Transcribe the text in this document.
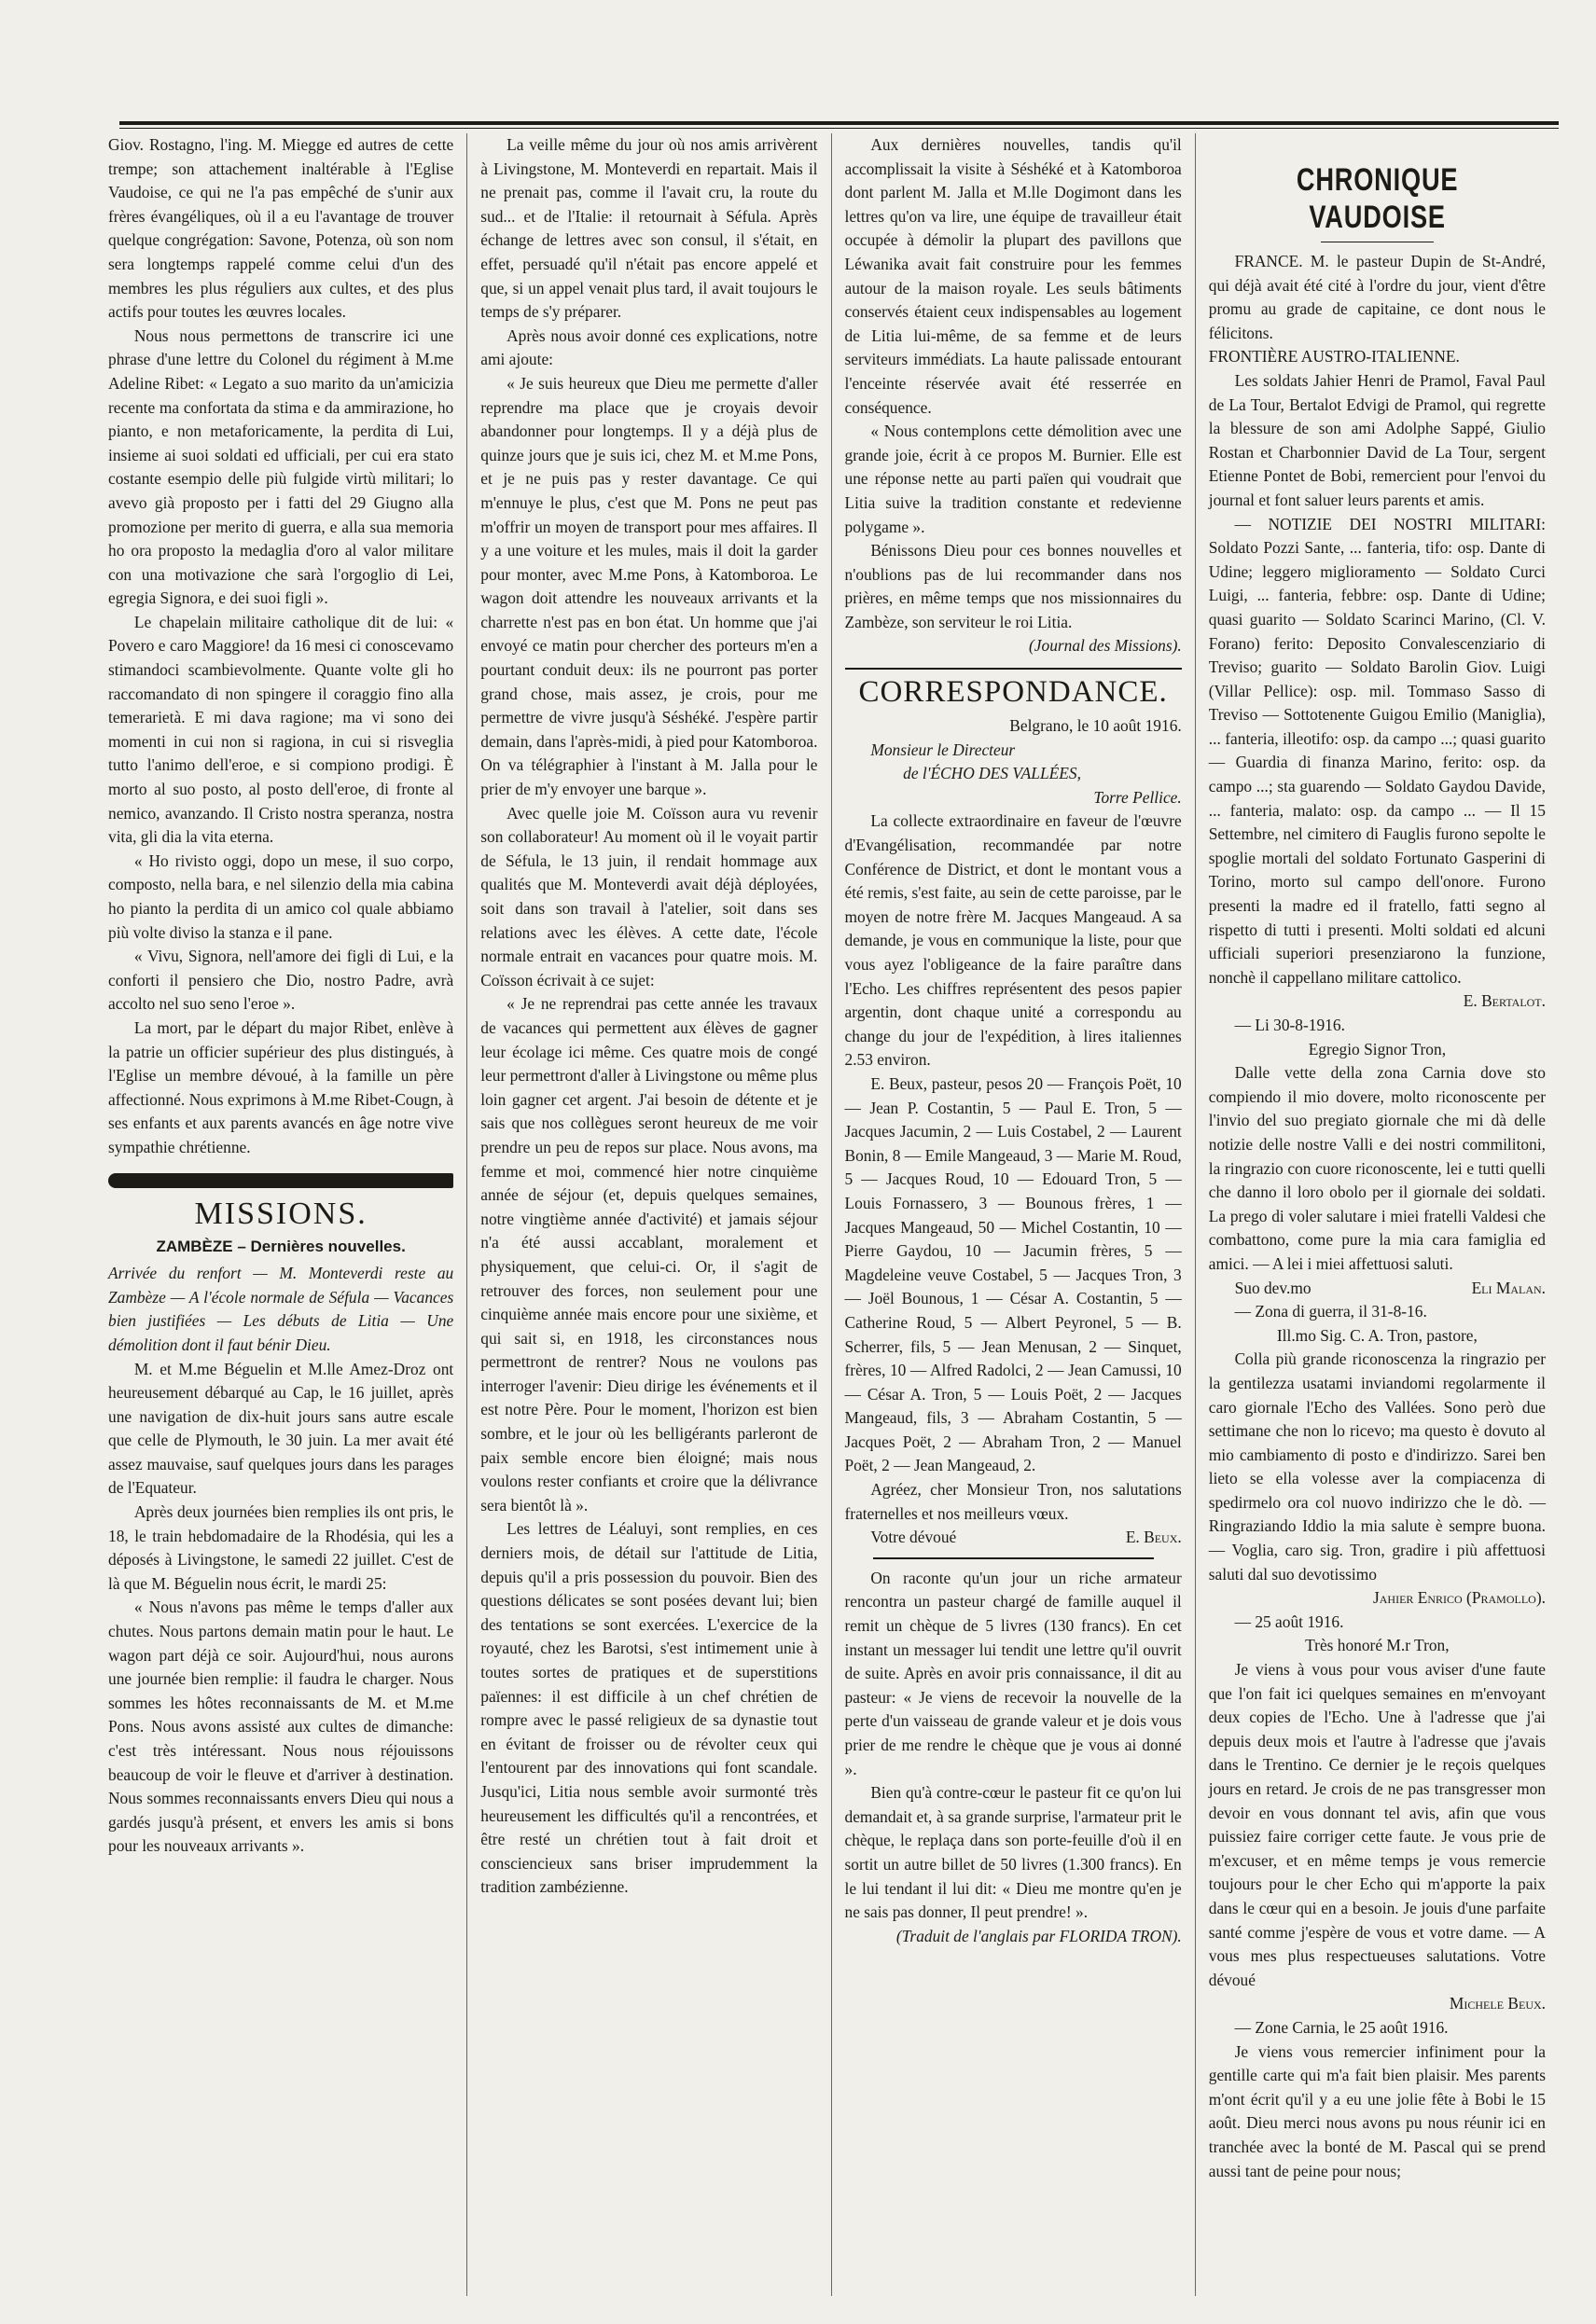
Giov. Rostagno, l'ing. M. Miegge ed autres de cette trempe; son attachement inaltérable à l'Eglise Vaudoise, ce qui ne l'a pas empêché de s'unir aux frères évangéliques, où il a eu l'avantage de trouver quelque congrégation: Savone, Potenza, où son nom sera longtemps rappelé comme celui d'un des membres les plus réguliers aux cultes, et des plus actifs pour toutes les œuvres locales.

Nous nous permettons de transcrire ici une phrase d'une lettre du Colonel du régiment à M.me Adeline Ribet: « Legato a suo marito da un'amicizia recente ma confortata da stima e da ammirazione, ho pianto, e non metaforicamente, la perdita di Lui, insieme ai suoi soldati ed ufficiali, per cui era stato costante esempio delle più fulgide virtù militari; lo avevo già proposto per i fatti del 29 Giugno alla promozione per merito di guerra, e alla sua memoria ho ora proposto la medaglia d'oro al valor militare con una motivazione che sarà l'orgoglio di Lei, egregia Signora, e dei suoi figli ».

Le chapelain militaire catholique dit de lui: « Povero e caro Maggiore! da 16 mesi ci conoscevamo stimandoci scambievolmente. Quante volte gli ho raccomandato di non spingere il coraggio fino alla temerarietà. E mi dava ragione; ma vi sono dei momenti in cui non si ragiona, in cui si risveglia tutto l'animo dell'eroe, e si compiono prodigi. È morto al suo posto, al posto dell'eroe, di fronte al nemico, avanzando. Il Cristo nostra speranza, nostra vita, gli dia la vita eterna.

« Ho rivisto oggi, dopo un mese, il suo corpo, composto, nella bara, e nel silenzio della mia cabina ho pianto la perdita di un amico col quale abbiamo più volte diviso la stanza e il pane.

« Vivu, Signora, nell'amore dei figli di Lui, e la conforti il pensiero che Dio, nostro Padre, avrà accolto nel suo seno l'eroe ».

La mort, par le départ du major Ribet, enlève à la patrie un officier supérieur des plus distingués, à l'Eglise un membre dévoué, à la famille un père affectionné. Nous exprimons à M.me Ribet-Cougn, à ses enfants et aux parents avancés en âge notre vive sympathie chrétienne.

MISSIONS.
ZAMBÈZE – Dernières nouvelles.

Arrivée du renfort — M. Monteverdi reste au Zambèze — A l'école normale de Séfula — Vacances bien justifiées — Les débuts de Litia — Une démolition dont il faut bénir Dieu.

M. et M.me Béguelin et M.lle Amez-Droz ont heureusement débarqué au Cap, le 16 juillet, après une navigation de dix-huit jours sans autre escale que celle de Plymouth, le 30 juin. La mer avait été assez mauvaise, sauf quelques jours dans les parages de l'Equateur.

Après deux journées bien remplies ils ont pris, le 18, le train hebdomadaire de la Rhodésia, qui les a déposés à Livingstone, le samedi 22 juillet. C'est de là que M. Béguelin nous écrit, le mardi 25:

« Nous n'avons pas même le temps d'aller aux chutes. Nous partons demain matin pour le haut. Le wagon part déjà ce soir. Aujourd'hui, nous aurons une journée bien remplie: il faudra le charger. Nous sommes les hôtes reconnaissants de M. et M.me Pons. Nous avons assisté aux cultes de dimanche: c'est très intéressant. Nous nous réjouissons beaucoup de voir le fleuve et d'arriver à destination. Nous sommes reconnaissants envers Dieu qui nous a gardés jusqu'à présent, et envers les amis si bons pour les nouveaux arrivants ».

La veille même du jour où nos amis arrivèrent à Livingstone, M. Monteverdi en repartait. Mais il ne prenait pas, comme il l'avait cru, la route du sud... et de l'Italie: il retournait à Séfula. Après échange de lettres avec son consul, il s'était, en effet, persuadé qu'il n'était pas encore appelé et que, si un appel venait plus tard, il avait toujours le temps de s'y préparer.

Après nous avoir donné ces explications, notre ami ajoute:

« Je suis heureux que Dieu me permette d'aller reprendre ma place que je croyais devoir abandonner pour longtemps. Il y a déjà plus de quinze jours que je suis ici, chez M. et M.me Pons, et je ne puis pas y rester davantage. Ce qui m'ennuye le plus, c'est que M. Pons ne peut pas m'offrir un moyen de transport pour mes affaires. Il y a une voiture et les mules, mais il doit la garder pour monter, avec M.me Pons, à Katomboroa. Le wagon doit attendre les nouveaux arrivants et la charrette n'est pas en bon état. Un homme que j'ai envoyé ce matin pour chercher des porteurs m'en a pourtant conduit deux: ils ne pourront pas porter grand chose, mais assez, je crois, pour me permettre de vivre jusqu'à Séshéké. J'espère partir demain, dans l'après-midi, à pied pour Katomboroa. On va télégraphier à l'instant à M. Jalla pour le prier de m'y envoyer une barque ».

Avec quelle joie M. Coïsson aura vu revenir son collaborateur! Au moment où il le voyait partir de Séfula, le 13 juin, il rendait hommage aux qualités que M. Monteverdi avait déjà déployées, soit dans son travail à l'atelier, soit dans ses relations avec les élèves. A cette date, l'école normale entrait en vacances pour quatre mois. M. Coïsson écrivait à ce sujet:

« Je ne reprendrai pas cette année les travaux de vacances qui permettent aux élèves de gagner leur écolage ici même. Ces quatre mois de congé leur permettront d'aller à Livingstone ou même plus loin gagner cet argent. J'ai besoin de détente et je sais que nos collègues seront heureux de me voir prendre un peu de repos sur place. Nous avons, ma femme et moi, commencé hier notre cinquième année de séjour (et, depuis quelques semaines, notre vingtième année d'activité) et jamais séjour n'a été aussi accablant, moralement et physiquement, que celui-ci. Or, il s'agit de retrouver des forces, non seulement pour une cinquième année mais encore pour une sixième, et qui sait si, en 1918, les circonstances nous permettront de rentrer? Nous ne voulons pas interroger l'avenir: Dieu dirige les événements et il est notre Père. Pour le moment, l'horizon est bien sombre, et le jour où les belligérants parleront de paix semble encore bien éloigné; mais nous voulons rester confiants et croire que la délivrance sera bientôt là ».

Les lettres de Léaluyi, sont remplies, en ces derniers mois, de détail sur l'attitude de Litia, depuis qu'il a pris possession du pouvoir. Bien des questions délicates se sont posées devant lui; bien des tentations se sont exercées. L'exercice de la royauté, chez les Barotsi, s'est intimement unie à toutes sortes de pratiques et de superstitions païennes: il est difficile à un chef chrétien de rompre avec le passé religieux de sa dynastie tout en évitant de froisser ou de révolter ceux qui l'entourent par des innovations qui font scandale. Jusqu'ici, Litia nous semble avoir surmonté très heureusement les difficultés qu'il a rencontrées, et être resté un chrétien tout à fait droit et consciencieux sans briser imprudemment la tradition zambézienne.

Aux dernières nouvelles, tandis qu'il accomplissait la visite à Séshéké et à Katomboroa dont parlent M. Jalla et M.lle Dogimont dans les lettres qu'on va lire, une équipe de travailleur était occupée à démolir la plupart des pavillons que Léwanika avait fait construire pour les femmes autour de la maison royale. Les seuls bâtiments conservés étaient ceux indispensables au logement de Litia lui-même, de sa femme et de leurs serviteurs immédiats. La haute palissade entourant l'enceinte réservée avait été resserrée en conséquence.

« Nous contemplons cette démolition avec une grande joie, écrit à ce propos M. Burnier. Elle est une réponse nette au parti païen qui voudrait que Litia suive la tradition constante et redevienne polygame ».

Bénissons Dieu pour ces bonnes nouvelles et n'oublions pas de lui recommander dans nos prières, en même temps que nos missionnaires du Zambèze, son serviteur le roi Litia.

(Journal des Missions).

CORRESPONDANCE.

Belgrano, le 10 août 1916.

Monsieur le Directeur

de l'ÉCHO DES VALLÉES,

Torre Pellice.

La collecte extraordinaire en faveur de l'œuvre d'Evangélisation, recommandée par notre Conférence de District, et dont le montant vous a été remis, s'est faite, au sein de cette paroisse, par le moyen de notre frère M. Jacques Mangeaud. A sa demande, je vous en communique la liste, pour que vous ayez l'obligeance de la faire paraître dans l'Echo. Les chiffres représentent des pesos papier argentin, dont chaque unité a correspondu au change du jour de l'expédition, à lires italiennes 2.53 environ.

E. Beux, pasteur, pesos 20 — François Poët, 10 — Jean P. Costantin, 5 — Paul E. Tron, 5 — Jacques Jacumin, 2 — Luis Costabel, 2 — Laurent Bonin, 8 — Emile Mangeaud, 3 — Marie M. Roud, 5 — Jacques Roud, 10 — Edouard Tron, 5 — Louis Fornassero, 3 — Bounous frères, 1 — Jacques Mangeaud, 50 — Michel Costantin, 10 — Pierre Gaydou, 10 — Jacumin frères, 5 — Magdeleine veuve Costabel, 5 — Jacques Tron, 3 — Joël Bounous, 1 — César A. Costantin, 5 — Catherine Roud, 5 — Albert Peyronel, 5 — B. Scherrer, fils, 5 — Jean Menusan, 2 — Sinquet, frères, 10 — Alfred Radolci, 2 — Jean Camussi, 10 — César A. Tron, 5 — Louis Poët, 2 — Jacques Mangeaud, fils, 3 — Abraham Costantin, 5 — Jacques Poët, 2 — Abraham Tron, 2 — Manuel Poët, 2 — Jean Mangeaud, 2.

Agréez, cher Monsieur Tron, nos salutations fraternelles et nos meilleurs vœux.

Votre dévoué	E. Beux.

On raconte qu'un jour un riche armateur rencontra un pasteur chargé de famille auquel il remit un chèque de 5 livres (130 francs). En cet instant un messager lui tendit une lettre qu'il ouvrit de suite. Après en avoir pris connaissance, il dit au pasteur: « Je viens de recevoir la nouvelle de la perte d'un vaisseau de grande valeur et je dois vous prier de me rendre le chèque que je vous ai donné ».

Bien qu'à contre-cœur le pasteur fit ce qu'on lui demandait et, à sa grande surprise, l'armateur prit le chèque, le replaça dans son porte-feuille d'où il en sortit un autre billet de 50 livres (1.300 francs). En le lui tendant il lui dit: « Dieu me montre qu'en je ne sais pas donner, Il peut prendre! ».

(Traduit de l'anglais par FLORIDA TRON).

CHRONIQUE VAUDOISE

FRANCE. M. le pasteur Dupin de St-André, qui déjà avait été cité à l'ordre du jour, vient d'être promu au grade de capitaine, ce dont nous le félicitons.

FRONTIÈRE AUSTRO-ITALIENNE.

Les soldats Jahier Henri de Pramol, Faval Paul de La Tour, Bertalot Edvigi de Pramol, qui regrette la blessure de son ami Adolphe Sappé, Giulio Rostan et Charbonnier David de La Tour, sergent Etienne Pontet de Bobi, remercient pour l'envoi du journal et font saluer leurs parents et amis.

— NOTIZIE DEI NOSTRI MILITARI: Soldato Pozzi Sante, ... fanteria, tifo: osp. Dante di Udine; leggero miglioramento — Soldato Curci Luigi, ... fanteria, febbre: osp. Dante di Udine; quasi guarito — Soldato Scarinci Marino, (Cl. V. Forano) ferito: Deposito Convalescenziario di Treviso; guarito — Soldato Barolin Giov. Luigi (Villar Pellice): osp. mil. Tommaso Sasso di Treviso — Sottotenente Guigou Emilio (Maniglia), ... fanteria, illeotifo: osp. da campo ...; quasi guarito — Guardia di finanza Marino, ferito: osp. da campo ...; sta guarendo — Soldato Gaydou Davide, ... fanteria, malato: osp. da campo ... — Il 15 Settembre, nel cimitero di Fauglis furono sepolte le spoglie mortali del soldato Fortunato Gasperini di Torino, morto sul campo dell'onore. Furono presenti la madre ed il fratello, fatti segno al rispetto di tutti i presenti. Molti soldati ed alcuni ufficiali superiori presenziarono la funzione, nonchè il cappellano militare cattolico.

E. Bertalot.

— Li 30-8-1916.

Egregio Signor Tron,

Dalle vette della zona Carnia dove sto compiendo il mio dovere, molto riconoscente per l'invio del suo pregiato giornale che mi dà delle notizie delle nostre Valli e dei nostri commilitoni, la ringrazio con cuore riconoscente, lei e tutti quelli che danno il loro obolo per il giornale dei soldati. La prego di voler salutare i miei fratelli Valdesi che combattono, come pure la mia cara famiglia ed amici. — A lei i miei affettuosi saluti.

Suo dev.mo	Eli Malan.

— Zona di guerra, il 31-8-16.

Ill.mo Sig. C. A. Tron, pastore,

Colla più grande riconoscenza la ringrazio per la gentilezza usatami inviandomi regolarmente il caro giornale l'Echo des Vallées. Sono però due settimane che non lo ricevo; ma questo è dovuto al mio cambiamento di posto e d'indirizzo. Sarei ben lieto se ella volesse aver la compiacenza di spedirmelo ora col nuovo indirizzo che le dò. — Ringraziando Iddio la mia salute è sempre buona. — Voglia, caro sig. Tron, gradire i più affettuosi saluti dal suo devotissimo

Jahier Enrico (Pramollo).

— 25 août 1916.

Très honoré M.r Tron,

Je viens à vous pour vous aviser d'une faute que l'on fait ici quelques semaines en m'envoyant deux copies de l'Echo. Une à l'adresse que j'ai depuis deux mois et l'autre à l'adresse que j'avais dans le Trentino. Ce dernier je le reçois quelques jours en retard. Je crois de ne pas transgresser mon devoir en vous donnant tel avis, afin que vous puissiez faire corriger cette faute. Je vous prie de m'excuser, et en même temps je vous remercie toujours pour le cher Echo qui m'apporte la paix dans le cœur qui en a besoin. Je jouis d'une parfaite santé comme j'espère de vous et votre dame. — A vous mes plus respectueuses salutations. Votre dévoué

Michele Beux.

— Zone Carnia, le 25 août 1916.

Je viens vous remercier infiniment pour la gentille carte qui m'a fait bien plaisir. Mes parents m'ont écrit qu'il y a eu une jolie fête à Bobi le 15 août. Dieu merci nous avons pu nous réunir ici en tranchée avec la bonté de M. Pascal qui se prend aussi tant de peine pour nous;
